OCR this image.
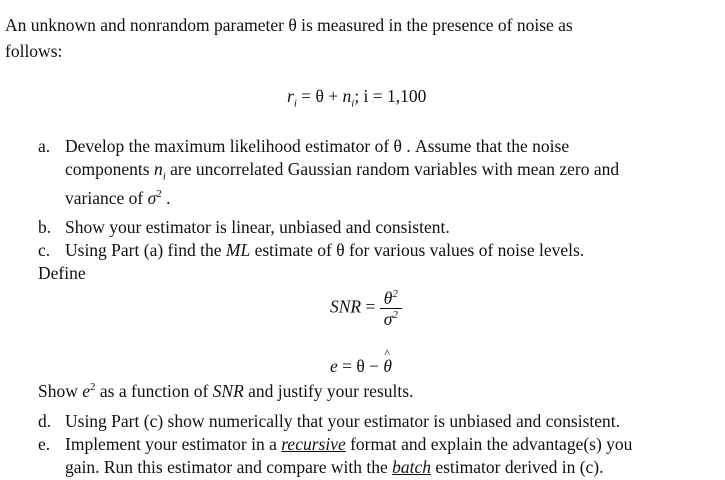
An unknown and nonrandom parameter θ is measured in the presence of noise as
follows:
$r_i = \theta + n_i$; i = 1,100
a. Develop the maximum likelihood estimator of θ . Assume that the noise
components $n_i$ are uncorrelated Gaussian random variables with mean zero and
variance of $\sigma^2$ .
b. Show your estimator is linear, unbiased and consistent.
c. Using Part (a) find the ML estimate of θ for various values of noise levels.
Define
SNR = $\frac{\theta^2}{\sigma^2}$
e = θ −
^
θ
Show $e^2$ as a function of SNR and justify your results.
d. Using Part (c) show numerically that your estimator is unbiased and consistent.
e. Implement your estimator in a recursive format and explain the advantage(s) you
gain. Run this estimator and compare with the batch estimator derived in (c).
